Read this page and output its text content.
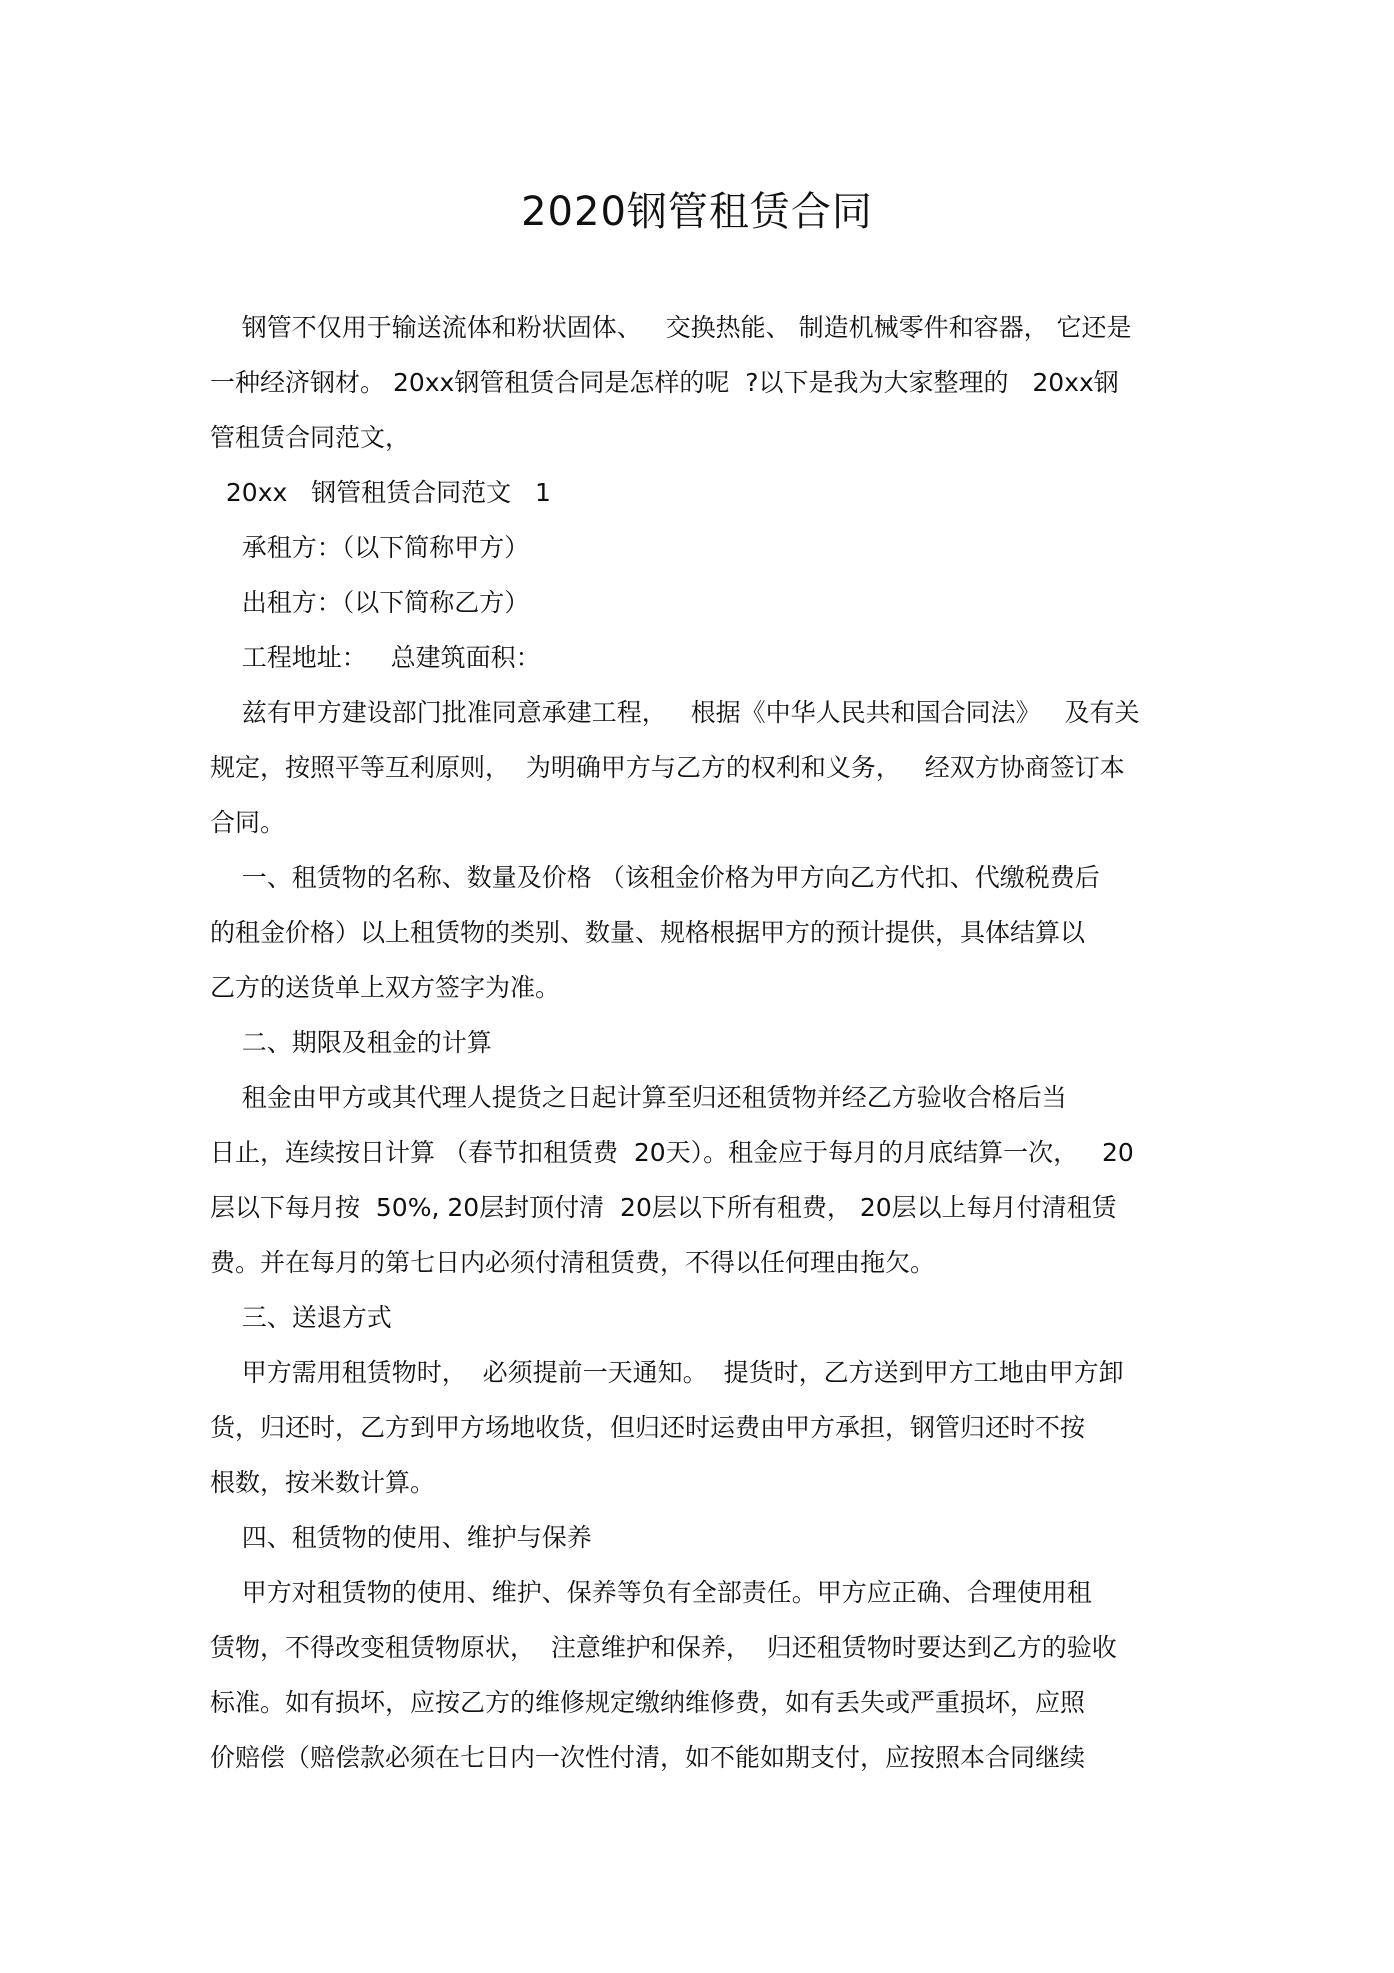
2020钢管租赁合同
钢管不仅用于输送流体和粉状固体、   交换热能、 制造机械零件和容器， 它还是
一种经济钢材。 20xx钢管租赁合同是怎样的呢  ?以下是我为大家整理的   20xx钢
管租赁合同范文，
20xx   钢管租赁合同范文   1
承租方：（以下简称甲方）
出租方：（以下简称乙方）
工程地址：   总建筑面积：
兹有甲方建设部门批准同意承建工程，   根据《中华人民共和国合同法》   及有关
规定，按照平等互利原则，  为明确甲方与乙方的权利和义务，   经双方协商签订本
合同。
一、租赁物的名称、数量及价格 （该租金价格为甲方向乙方代扣、代缴税费后
的租金价格）以上租赁物的类别、数量、规格根据甲方的预计提供，具体结算以
乙方的送货单上双方签字为准。
二、期限及租金的计算
租金由甲方或其代理人提货之日起计算至归还租赁物并经乙方验收合格后当
日止，连续按日计算 （春节扣租赁费  20天）。租金应于每月的月底结算一次，   20
层以下每月按  50%, 20层封顶付清  20层以下所有租费， 20层以上每月付清租赁
费。并在每月的第七日内必须付清租赁费，不得以任何理由拖欠。
三、送退方式
甲方需用租赁物时，  必须提前一天通知。  提货时，乙方送到甲方工地由甲方卸
货，归还时，乙方到甲方场地收货，但归还时运费由甲方承担，钢管归还时不按
根数，按米数计算。
四、租赁物的使用、维护与保养
甲方对租赁物的使用、维护、保养等负有全部责任。甲方应正确、合理使用租
赁物，不得改变租赁物原状，  注意维护和保养，  归还租赁物时要达到乙方的验收
标准。如有损坏，应按乙方的维修规定缴纳维修费，如有丢失或严重损坏，应照
价赔偿（赔偿款必须在七日内一次性付清，如不能如期支付，应按照本合同继续
